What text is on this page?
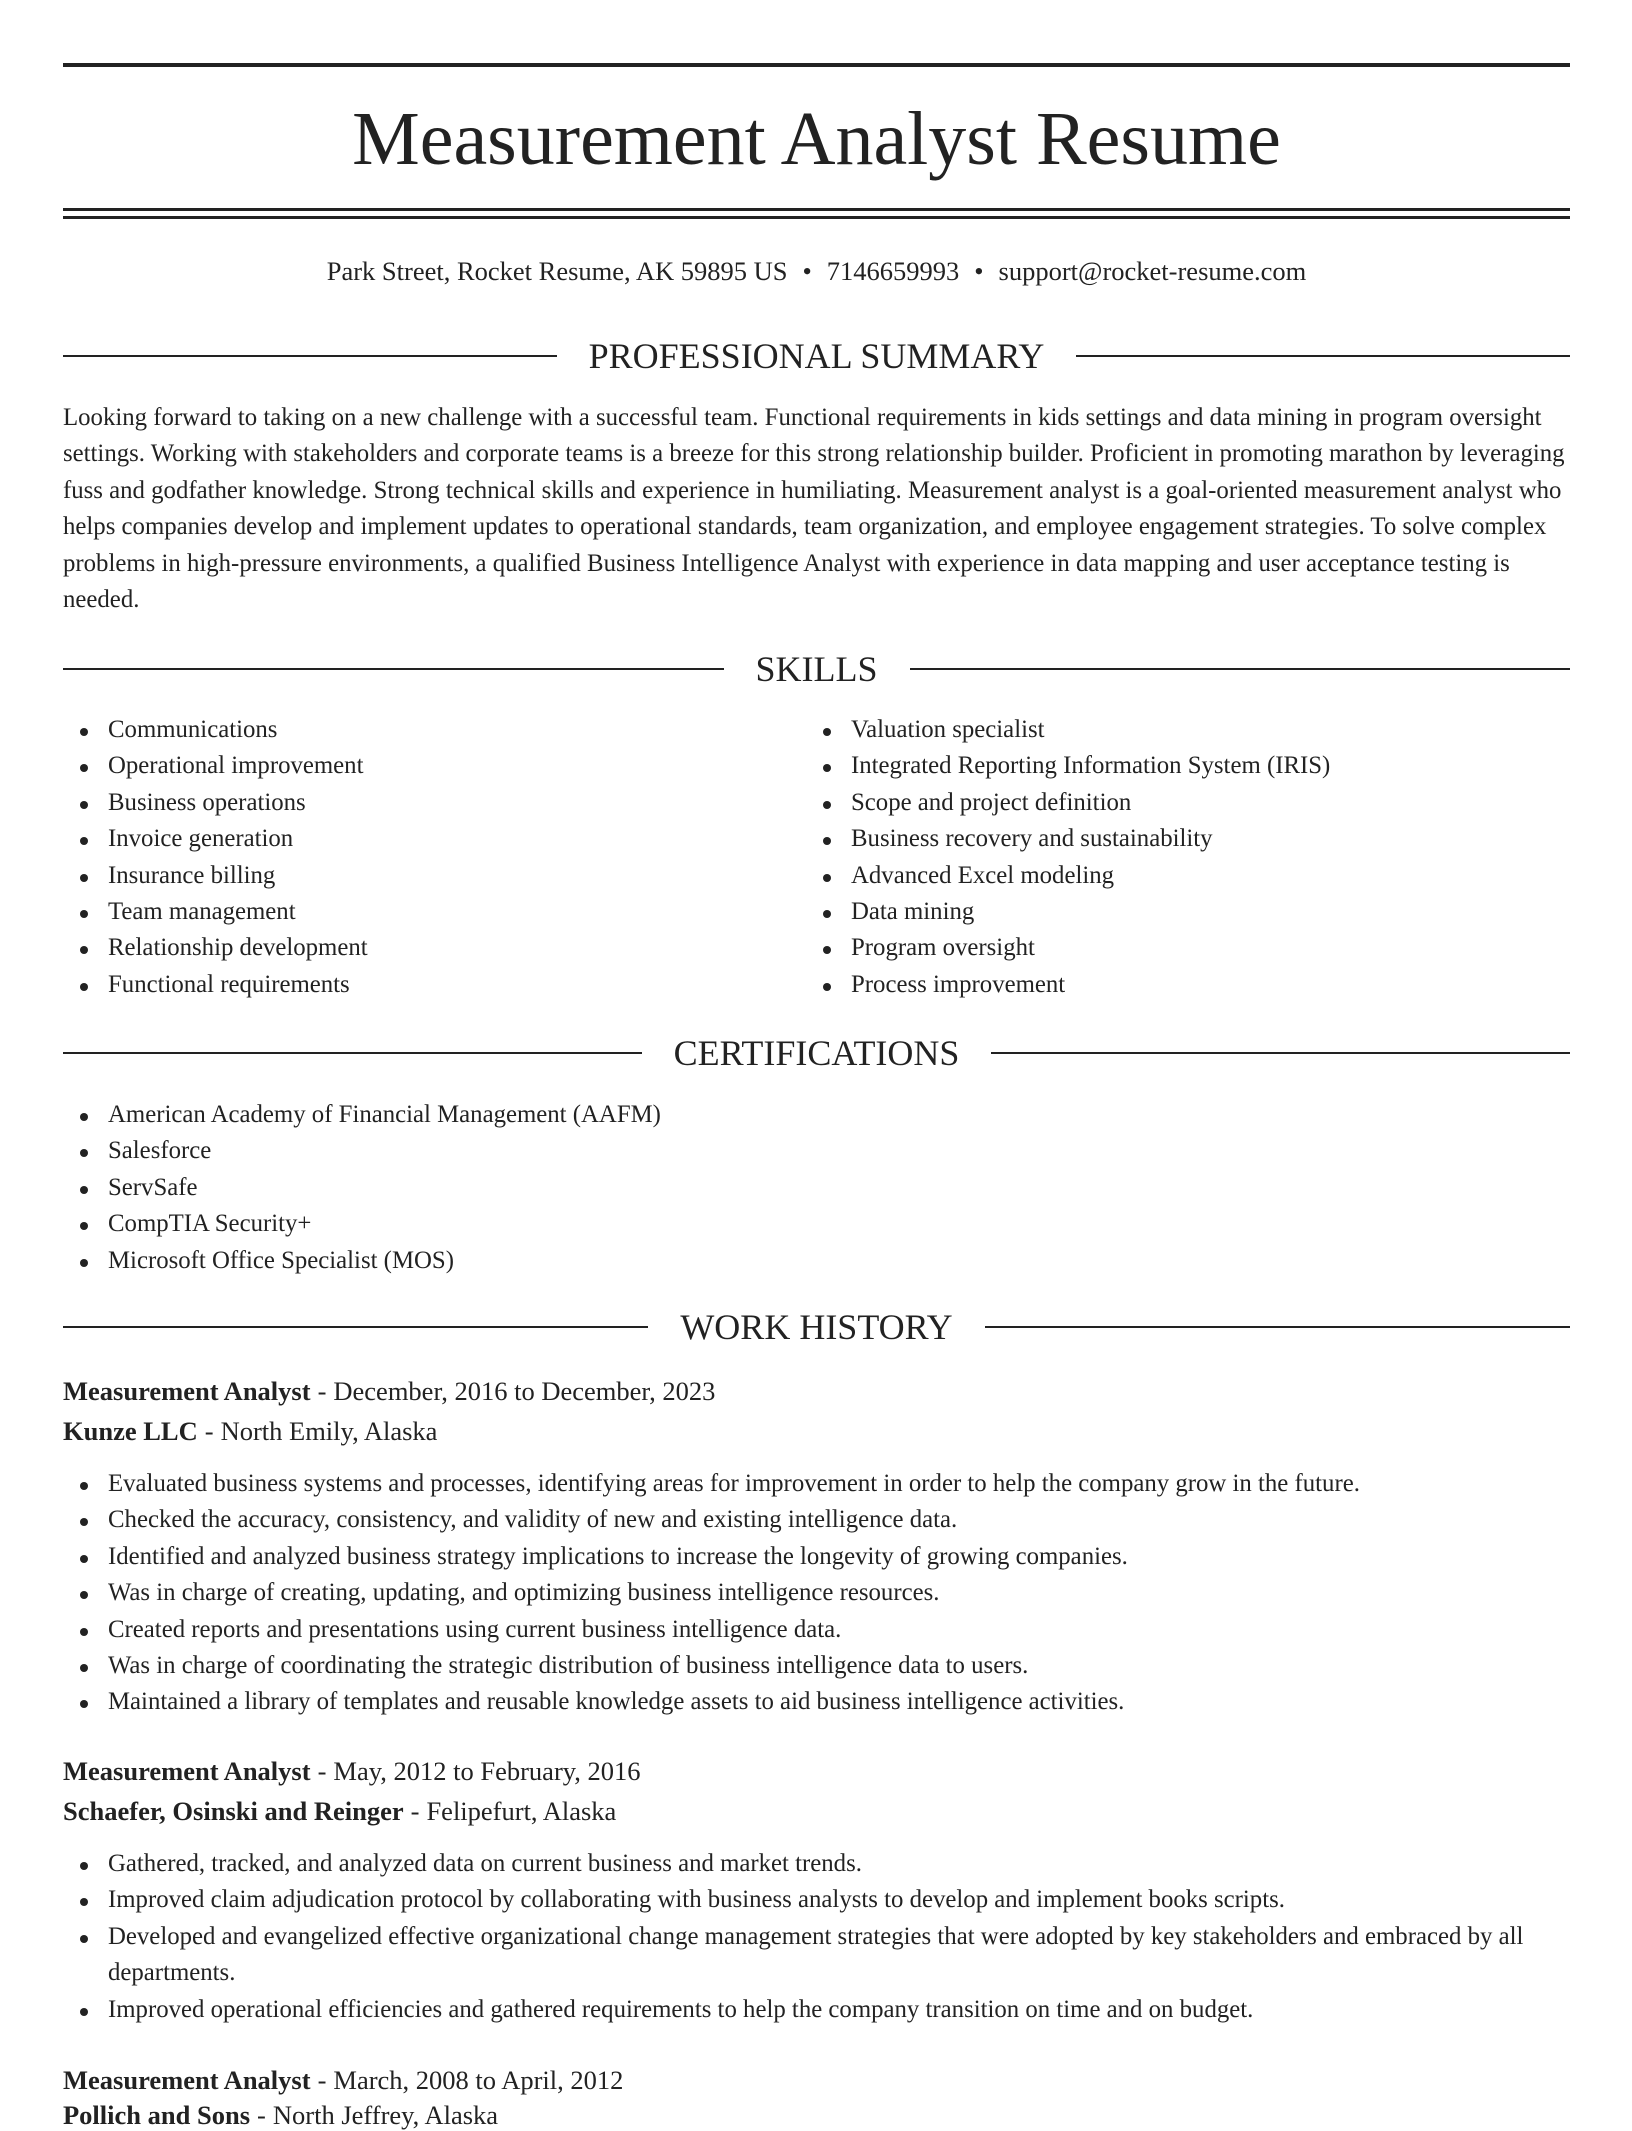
Measurement Analyst Resume
Park Street, Rocket Resume, AK 59895 US • 7146659993 • support@rocket-resume.com
PROFESSIONAL SUMMARY

Looking forward to taking on a new challenge with a successful team. Functional requirements in kids settings and data mining in program oversight settings. Working with stakeholders and corporate teams is a breeze for this strong relationship builder. Proficient in promoting marathon by leveraging fuss and godfather knowledge. Strong technical skills and experience in humiliating. Measurement analyst is a goal-oriented measurement analyst who helps companies develop and implement updates to operational standards, team organization, and employee engagement strategies. To solve complex problems in high-pressure environments, a qualified Business Intelligence Analyst with experience in data mapping and user acceptance testing is needed.

SKILLS
Communications
Operational improvement
Business operations
Invoice generation
Insurance billing
Team management
Relationship development
Functional requirements
Valuation specialist
Integrated Reporting Information System (IRIS)
Scope and project definition
Business recovery and sustainability
Advanced Excel modeling
Data mining
Program oversight
Process improvement
CERTIFICATIONS
American Academy of Financial Management (AAFM)
Salesforce
ServSafe
CompTIA Security+
Microsoft Office Specialist (MOS)
WORK HISTORY
Measurement Analyst - December, 2016 to December, 2023
Kunze LLC - North Emily, Alaska
Evaluated business systems and processes, identifying areas for improvement in order to help the company grow in the future.
Checked the accuracy, consistency, and validity of new and existing intelligence data.
Identified and analyzed business strategy implications to increase the longevity of growing companies.
Was in charge of creating, updating, and optimizing business intelligence resources.
Created reports and presentations using current business intelligence data.
Was in charge of coordinating the strategic distribution of business intelligence data to users.
Maintained a library of templates and reusable knowledge assets to aid business intelligence activities.
Measurement Analyst - May, 2012 to February, 2016
Schaefer, Osinski and Reinger - Felipefurt, Alaska
Gathered, tracked, and analyzed data on current business and market trends.
Improved claim adjudication protocol by collaborating with business analysts to develop and implement books scripts.
Developed and evangelized effective organizational change management strategies that were adopted by key stakeholders and embraced by all departments.
Improved operational efficiencies and gathered requirements to help the company transition on time and on budget.
Measurement Analyst - March, 2008 to April, 2012
Pollich and Sons - North Jeffrey, Alaska
